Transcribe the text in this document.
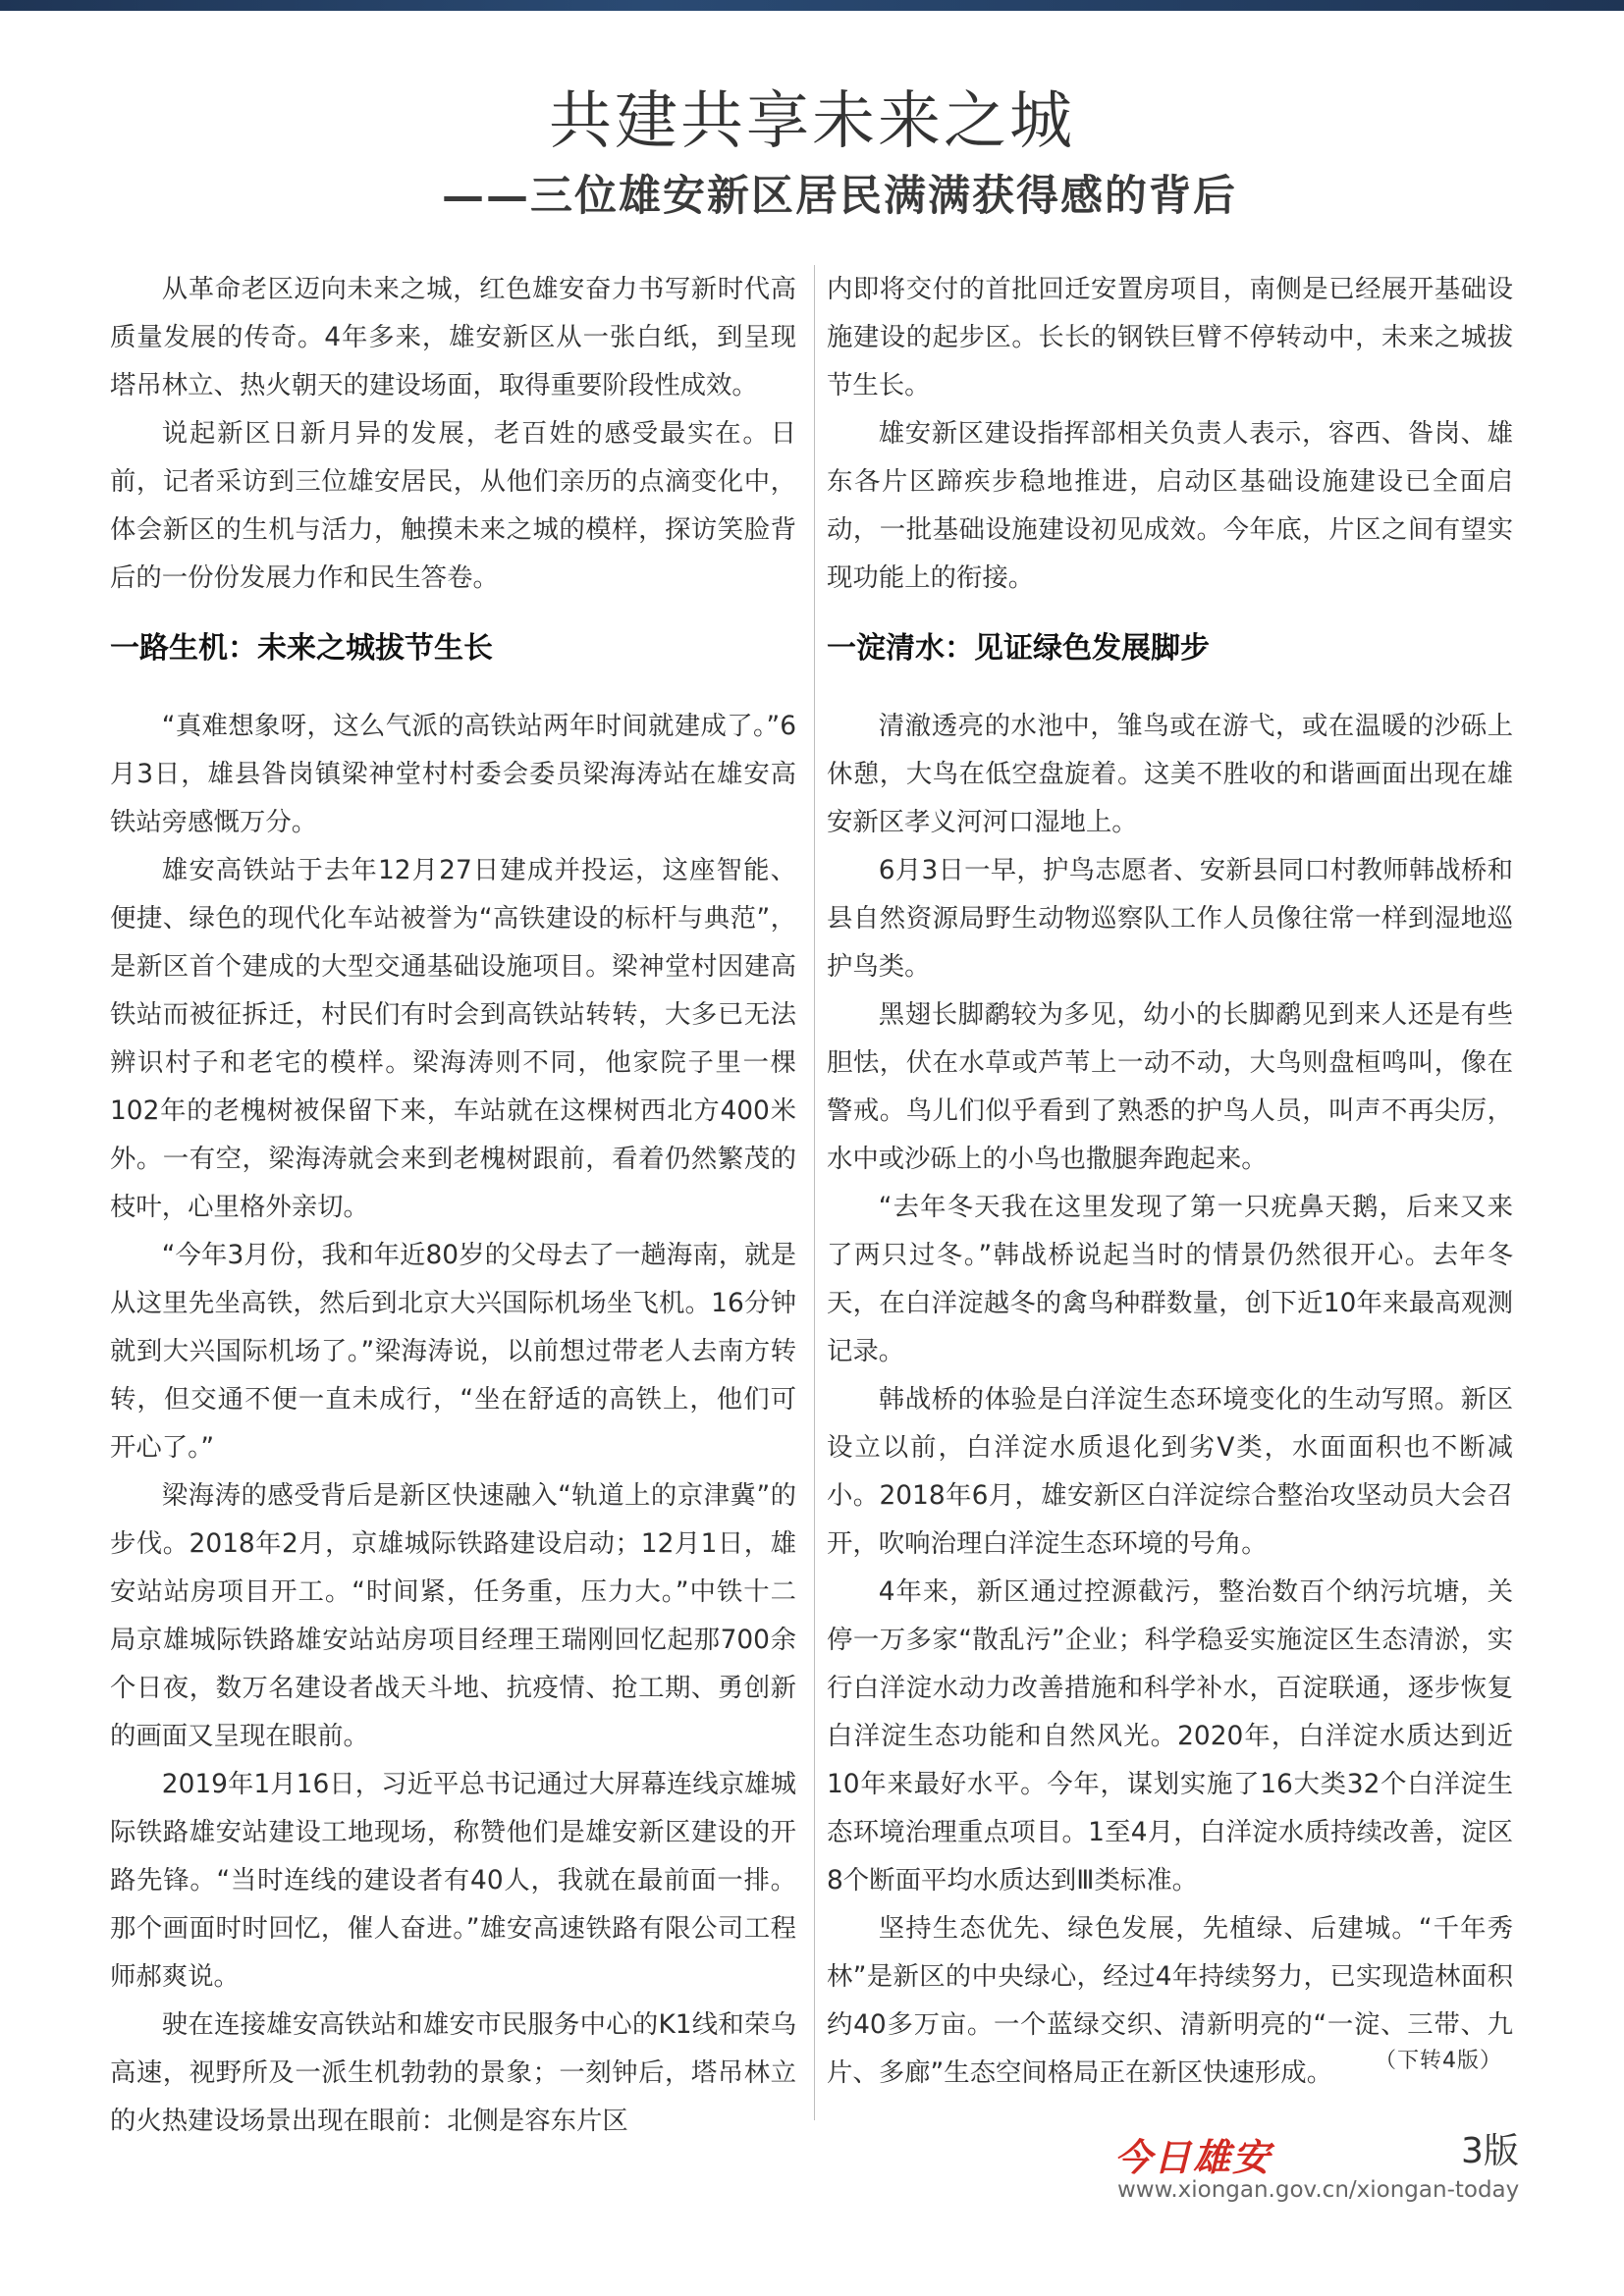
共建共享未来之城
——三位雄安新区居民满满获得感的背后

从革命老区迈向未来之城，红色雄安奋力书写新时代高质量发展的传奇。4年多来，雄安新区从一张白纸，到呈现塔吊林立、热火朝天的建设场面，取得重要阶段性成效。

说起新区日新月异的发展，老百姓的感受最实在。日前，记者采访到三位雄安居民，从他们亲历的点滴变化中，体会新区的生机与活力，触摸未来之城的模样，探访笑脸背后的一份份发展力作和民生答卷。

一路生机：未来之城拔节生长

“真难想象呀，这么气派的高铁站两年时间就建成了。”6月3日，雄县昝岗镇梁神堂村村委会委员梁海涛站在雄安高铁站旁感慨万分。

雄安高铁站于去年12月27日建成并投运，这座智能、便捷、绿色的现代化车站被誉为“高铁建设的标杆与典范”，是新区首个建成的大型交通基础设施项目。梁神堂村因建高铁站而被征拆迁，村民们有时会到高铁站转转，大多已无法辨识村子和老宅的模样。梁海涛则不同，他家院子里一棵102年的老槐树被保留下来，车站就在这棵树西北方400米外。一有空，梁海涛就会来到老槐树跟前，看着仍然繁茂的枝叶，心里格外亲切。

“今年3月份，我和年近80岁的父母去了一趟海南，就是从这里先坐高铁，然后到北京大兴国际机场坐飞机。16分钟就到大兴国际机场了。”梁海涛说，以前想过带老人去南方转转，但交通不便一直未成行，“坐在舒适的高铁上，他们可开心了。”

梁海涛的感受背后是新区快速融入“轨道上的京津冀”的步伐。2018年2月，京雄城际铁路建设启动；12月1日，雄安站站房项目开工。“时间紧，任务重，压力大。”中铁十二局京雄城际铁路雄安站站房项目经理王瑞刚回忆起那700余个日夜，数万名建设者战天斗地、抗疫情、抢工期、勇创新的画面又呈现在眼前。

2019年1月16日，习近平总书记通过大屏幕连线京雄城际铁路雄安站建设工地现场，称赞他们是雄安新区建设的开路先锋。“当时连线的建设者有40人，我就在最前面一排。那个画面时时回忆，催人奋进。”雄安高速铁路有限公司工程师郝爽说。

驶在连接雄安高铁站和雄安市民服务中心的K1线和荣乌高速，视野所及一派生机勃勃的景象；一刻钟后，塔吊林立的火热建设场景出现在眼前：北侧是容东片区

内即将交付的首批回迁安置房项目，南侧是已经展开基础设施建设的起步区。长长的钢铁巨臂不停转动中，未来之城拔节生长。

雄安新区建设指挥部相关负责人表示，容西、昝岗、雄东各片区蹄疾步稳地推进，启动区基础设施建设已全面启动，一批基础设施建设初见成效。今年底，片区之间有望实现功能上的衔接。

一淀清水：见证绿色发展脚步

清澈透亮的水池中，雏鸟或在游弋，或在温暖的沙砾上休憩，大鸟在低空盘旋着。这美不胜收的和谐画面出现在雄安新区孝义河河口湿地上。

6月3日一早，护鸟志愿者、安新县同口村教师韩战桥和县自然资源局野生动物巡察队工作人员像往常一样到湿地巡护鸟类。

黑翅长脚鹬较为多见，幼小的长脚鹬见到来人还是有些胆怯，伏在水草或芦苇上一动不动，大鸟则盘桓鸣叫，像在警戒。鸟儿们似乎看到了熟悉的护鸟人员，叫声不再尖厉，水中或沙砾上的小鸟也撒腿奔跑起来。

“去年冬天我在这里发现了第一只疣鼻天鹅，后来又来了两只过冬。”韩战桥说起当时的情景仍然很开心。去年冬天，在白洋淀越冬的禽鸟种群数量，创下近10年来最高观测记录。

韩战桥的体验是白洋淀生态环境变化的生动写照。新区设立以前，白洋淀水质退化到劣Ⅴ类，水面面积也不断减小。2018年6月，雄安新区白洋淀综合整治攻坚动员大会召开，吹响治理白洋淀生态环境的号角。

4年来，新区通过控源截污，整治数百个纳污坑塘，关停一万多家“散乱污”企业；科学稳妥实施淀区生态清淤，实行白洋淀水动力改善措施和科学补水，百淀联通，逐步恢复白洋淀生态功能和自然风光。2020年，白洋淀水质达到近10年来最好水平。今年，谋划实施了16大类32个白洋淀生态环境治理重点项目。1至4月，白洋淀水质持续改善，淀区8个断面平均水质达到Ⅲ类标准。

坚持生态优先、绿色发展，先植绿、后建城。“千年秀林”是新区的中央绿心，经过4年持续努力，已实现造林面积约40多万亩。一个蓝绿交织、清新明亮的“一淀、三带、九片、多廊”生态空间格局正在新区快速形成。	（下转4版）
今日雄安	3版
www.xiongan.gov.cn/xiongan-today
